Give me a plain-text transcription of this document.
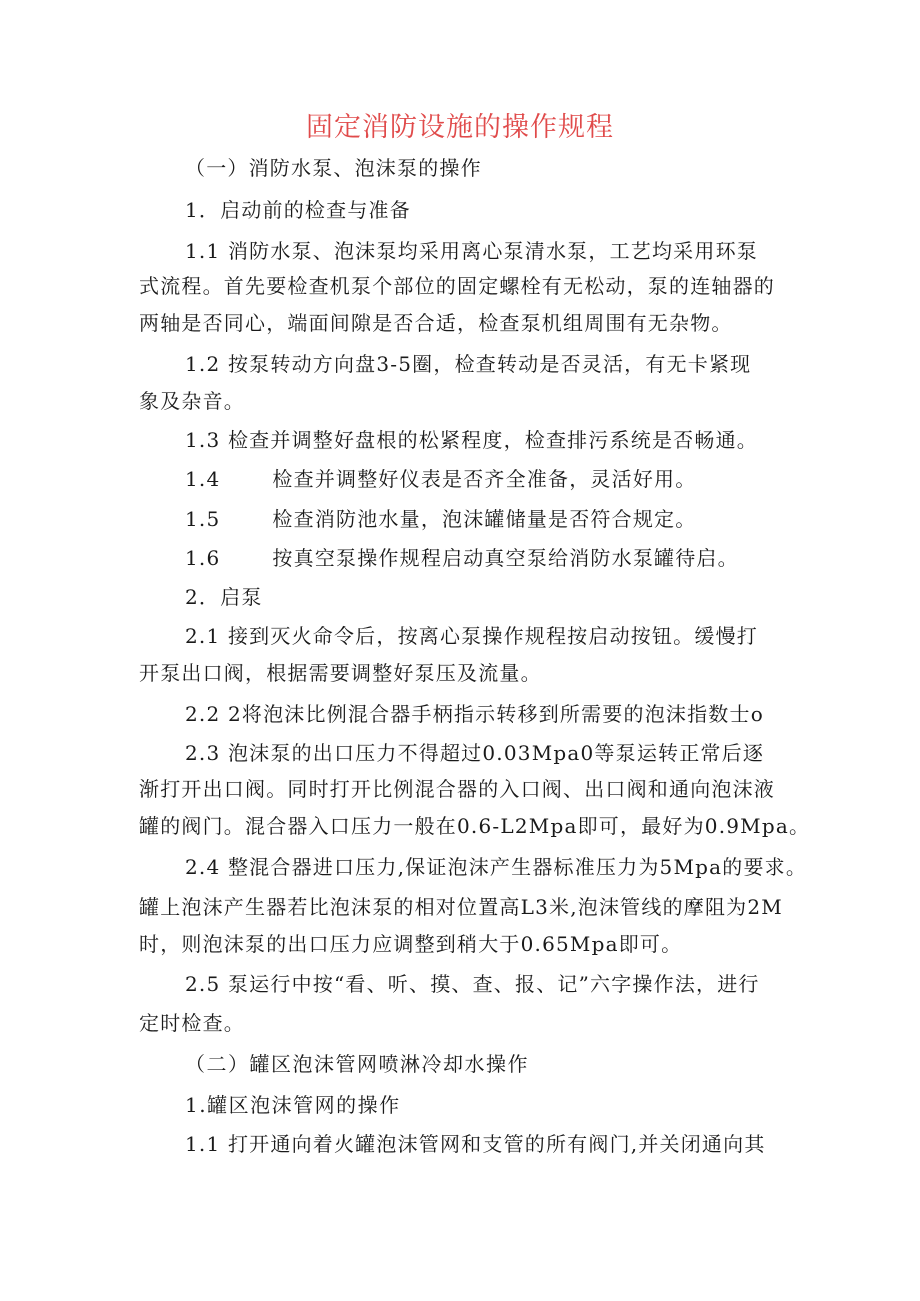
固定消防设施的操作规程
（一）消防水泵、泡沫泵的操作
1．启动前的检查与准备
1.1 消防水泵、泡沫泵均采用离心泵清水泵，工艺均采用环泵
式流程。首先要检查机泵个部位的固定螺栓有无松动，泵的连轴器的
两轴是否同心，端面间隙是否合适，检查泵机组周围有无杂物。
1.2 按泵转动方向盘3-5圈，检查转动是否灵活，有无卡紧现
象及杂音。
1.3 检查并调整好盘根的松紧程度，检查排污系统是否畅通。
1.4	检查并调整好仪表是否齐全准备，灵活好用。
1.5	检查消防池水量，泡沫罐储量是否符合规定。
1.6	按真空泵操作规程启动真空泵给消防水泵罐待启。
2．启泵
2.1 接到灭火命令后，按离心泵操作规程按启动按钮。缓慢打
开泵出口阀，根据需要调整好泵压及流量。
2.2 2将泡沫比例混合器手柄指示转移到所需要的泡沫指数士o
2.3 泡沫泵的出口压力不得超过0.03Mpa0等泵运转正常后逐
渐打开出口阀。同时打开比例混合器的入口阀、出口阀和通向泡沫液
罐的阀门。混合器入口压力一般在0.6-L2Mpa即可，最好为0.9Mpa。
2.4 整混合器进口压力,保证泡沫产生器标准压力为5Mpa的要求。
罐上泡沫产生器若比泡沫泵的相对位置高L3米,泡沫管线的摩阻为2M
时，则泡沫泵的出口压力应调整到稍大于0.65Mpa即可。
2.5 泵运行中按“看、听、摸、查、报、记”六字操作法，进行
定时检查。
（二）罐区泡沫管网喷淋冷却水操作
1.罐区泡沫管网的操作
1.1 打开通向着火罐泡沫管网和支管的所有阀门,并关闭通向其
